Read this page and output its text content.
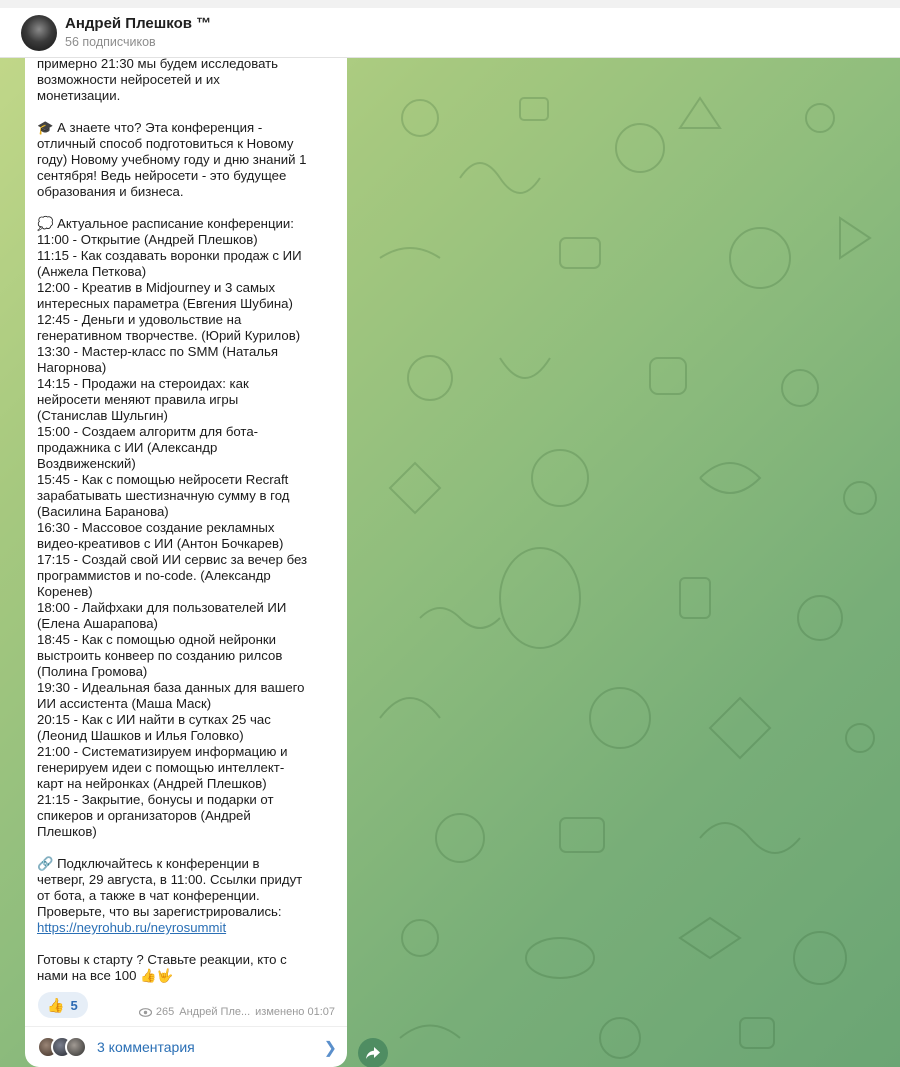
Андрей Плешков ™
56 подписчиков
примерно 21:30 мы будем исследовать
возможности нейросетей и их
монетизации.
🎓 А знаете что? Эта конференция -
отличный способ подготовиться к Новому
году) Новому учебному году и дню знаний 1
сентября! Ведь нейросети - это будущее
образования и бизнеса.
💭 Актуальное расписание конференции:
11:00 - Открытие (Андрей Плешков)
11:15 - Как создавать воронки продаж с ИИ
(Анжела Петкова)
12:00 - Креатив в Midjourney и 3 самых
интересных параметра (Евгения Шубина)
12:45 - Деньги и удовольствие на
генеративном творчестве. (Юрий Курилов)
13:30 - Мастер-класс по SMM (Наталья
Нагорнова)
14:15 - Продажи на стероидах: как
нейросети меняют правила игры
(Станислав Шульгин)
15:00 - Создаем алгоритм для бота-
продажника с ИИ (Александр
Воздвиженский)
15:45 - Как с помощью нейросети Recraft
зарабатывать шестизначную сумму в год
(Василина Баранова)
16:30 - Массовое создание рекламных
видео-креативов с ИИ (Антон Бочкарев)
17:15 - Создай свой ИИ сервис за вечер без
программистов и no-code. (Александр
Коренев)
18:00 - Лайфхаки для пользователей ИИ
(Елена Ашарапова)
18:45 - Как с помощью одной нейронки
выстроить конвеер по созданию рилсов
(Полина Громова)
19:30 - Идеальная база данных для вашего
ИИ ассистента (Маша Маск)
20:15 - Как с ИИ найти в сутках 25 час
(Леонид Шашков и Илья Головко)
21:00 - Систематизируем информацию и
генерируем идеи с помощью интеллект-
карт на нейронках (Андрей Плешков)
21:15 - Закрытие, бонусы и подарки от
спикеров и организаторов (Андрей
Плешков)
🔗 Подключайтесь к конференции в
четверг, 29 августа, в 11:00. Ссылки придут
от бота, а также в чат конференции.
Проверьте, что вы зарегистрировались:
https://neyrohub.ru/neyrosummit
Готовы к старту ? Ставьте реакции, кто с
нами на все 100 👍🤟
👍 5	265 Андрей Пле... изменено 01:07
3 комментария	❯
